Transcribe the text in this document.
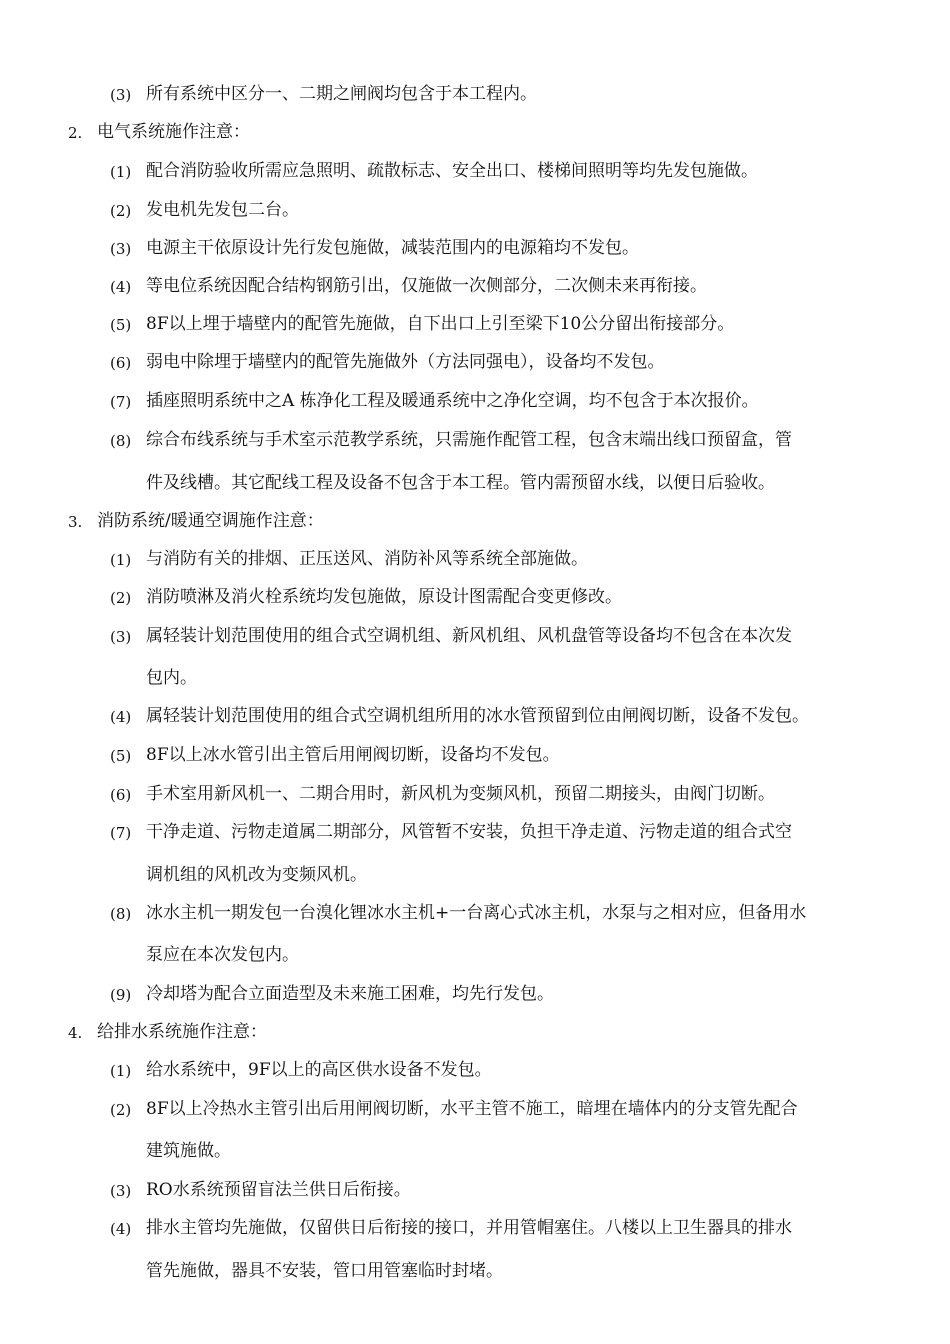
(3) 所有系统中区分一、二期之闸阀均包含于本工程内。
2. 电气系统施作注意：
(1) 配合消防验收所需应急照明、疏散标志、安全出口、楼梯间照明等均先发包施做。
(2) 发电机先发包二台。
(3) 电源主干依原设计先行发包施做，减装范围内的电源箱均不发包。
(4) 等电位系统因配合结构钢筋引出，仅施做一次侧部分，二次侧未来再衔接。
(5) 8F以上埋于墙壁内的配管先施做，自下出口上引至梁下10公分留出衔接部分。
(6) 弱电中除埋于墙壁内的配管先施做外（方法同强电），设备均不发包。
(7) 插座照明系统中之A 栋净化工程及暖通系统中之净化空调，均不包含于本次报价。
(8) 综合布线系统与手术室示范教学系统，只需施作配管工程，包含末端出线口预留盒，管
件及线槽。其它配线工程及设备不包含于本工程。管内需预留水线，以便日后验收。
3. 消防系统/暖通空调施作注意：
(1) 与消防有关的排烟、正压送风、消防补风等系统全部施做。
(2) 消防喷淋及消火栓系统均发包施做，原设计图需配合变更修改。
(3) 属轻装计划范围使用的组合式空调机组、新风机组、风机盘管等设备均不包含在本次发
包内。
(4) 属轻装计划范围使用的组合式空调机组所用的冰水管预留到位由闸阀切断，设备不发包。
(5) 8F以上冰水管引出主管后用闸阀切断，设备均不发包。
(6) 手术室用新风机一、二期合用时，新风机为变频风机，预留二期接头，由阀门切断。
(7) 干净走道、污物走道属二期部分，风管暂不安装，负担干净走道、污物走道的组合式空
调机组的风机改为变频风机。
(8) 冰水主机一期发包一台溴化锂冰水主机+一台离心式冰主机，水泵与之相对应，但备用水
泵应在本次发包内。
(9) 冷却塔为配合立面造型及未来施工困难，均先行发包。
4. 给排水系统施作注意：
(1) 给水系统中，9F以上的高区供水设备不发包。
(2) 8F以上冷热水主管引出后用闸阀切断，水平主管不施工，暗埋在墙体内的分支管先配合
建筑施做。
(3) RO水系统预留盲法兰供日后衔接。
(4) 排水主管均先施做，仅留供日后衔接的接口，并用管帽塞住。八楼以上卫生器具的排水
管先施做，器具不安装，管口用管塞临时封堵。
